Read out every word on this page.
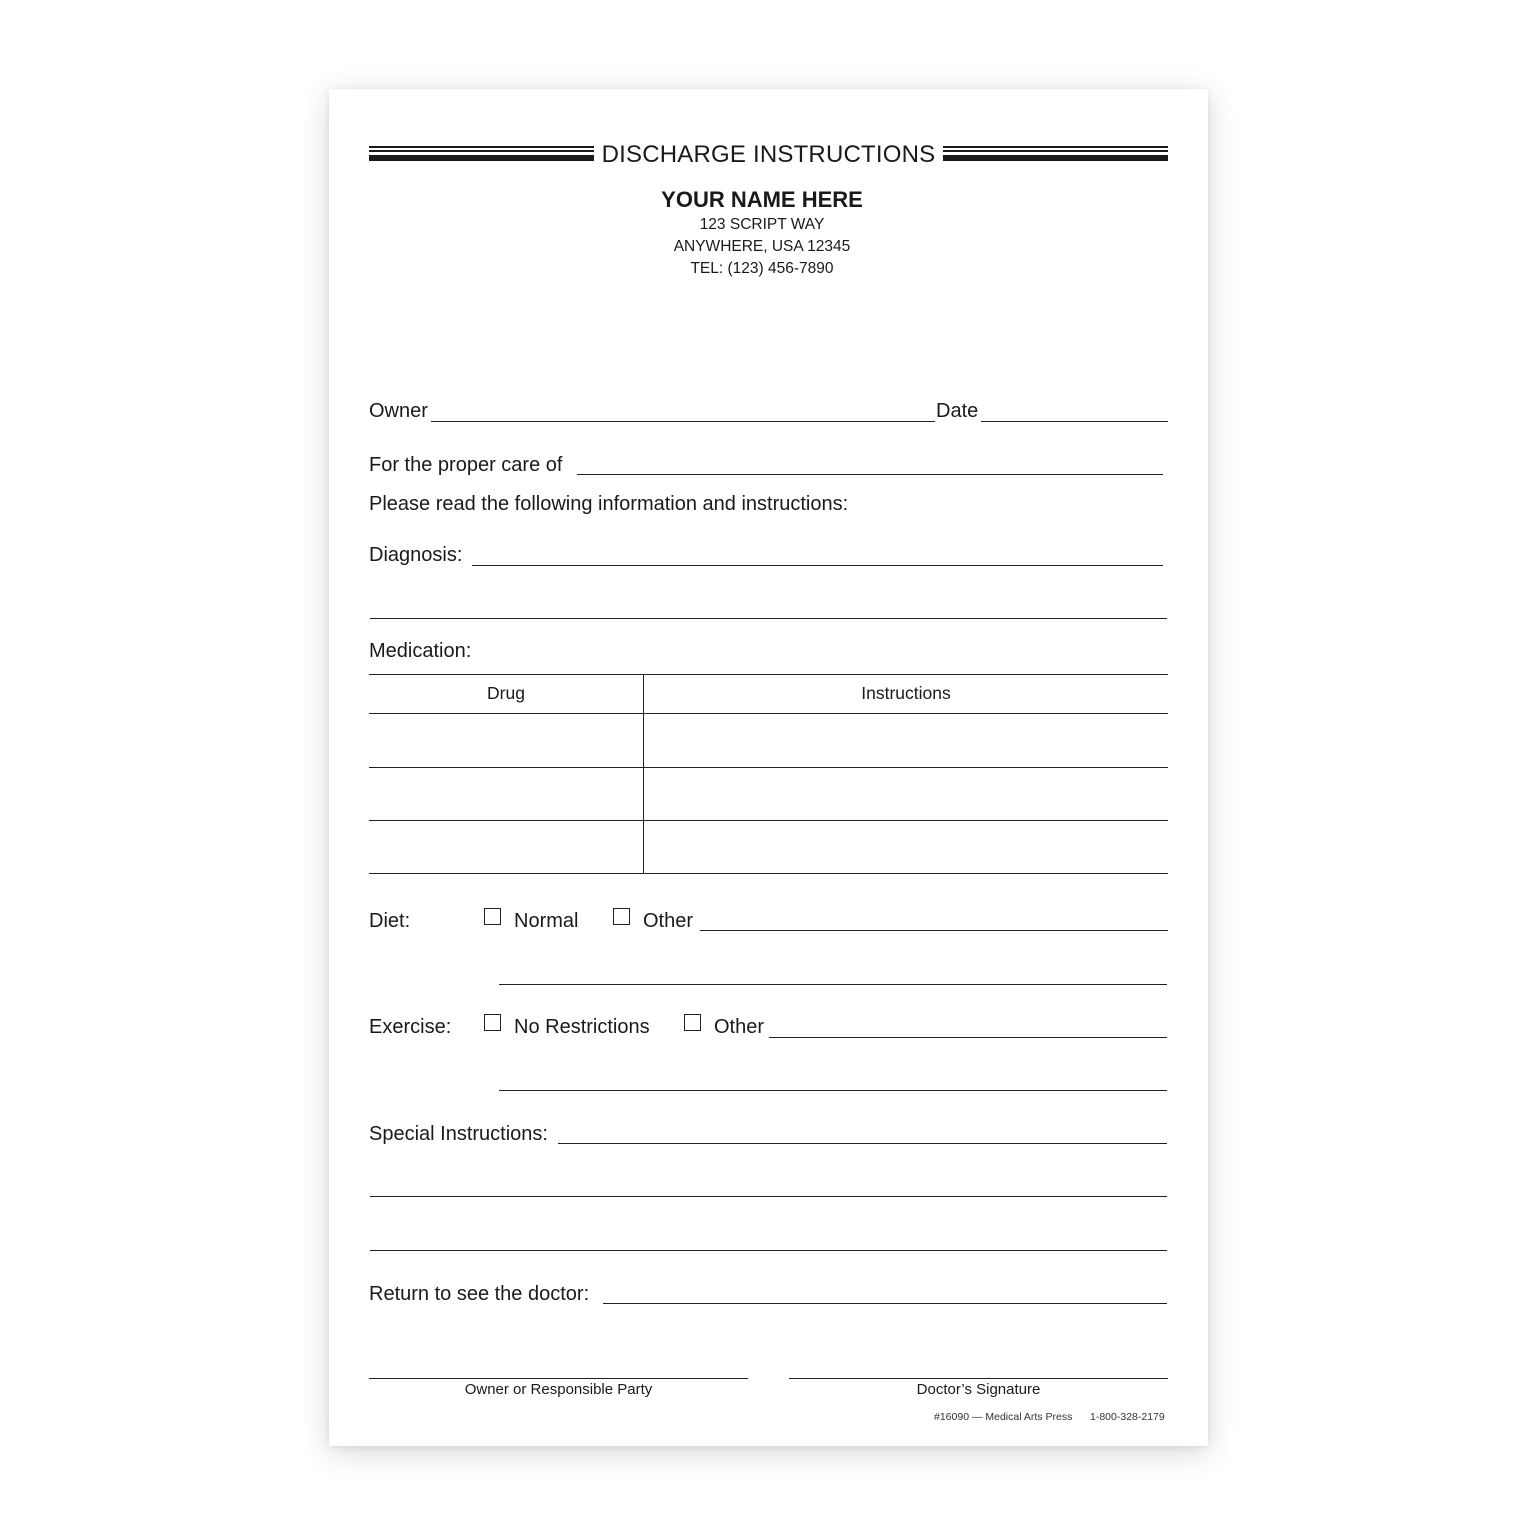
DISCHARGE INSTRUCTIONS
YOUR NAME HERE
123 SCRIPT WAY
ANYWHERE, USA 12345
TEL: (123) 456-7890
Owner	Date
For the proper care of
Please read the following information and instructions:
Diagnosis:
Medication:
Drug	Instructions
Diet:	Normal	Other
Exercise:	No Restrictions	Other
Special Instructions:
Return to see the doctor:
Owner or Responsible Party	Doctor’s Signature
#16090 — Medical Arts Press 1-800-328-2179
